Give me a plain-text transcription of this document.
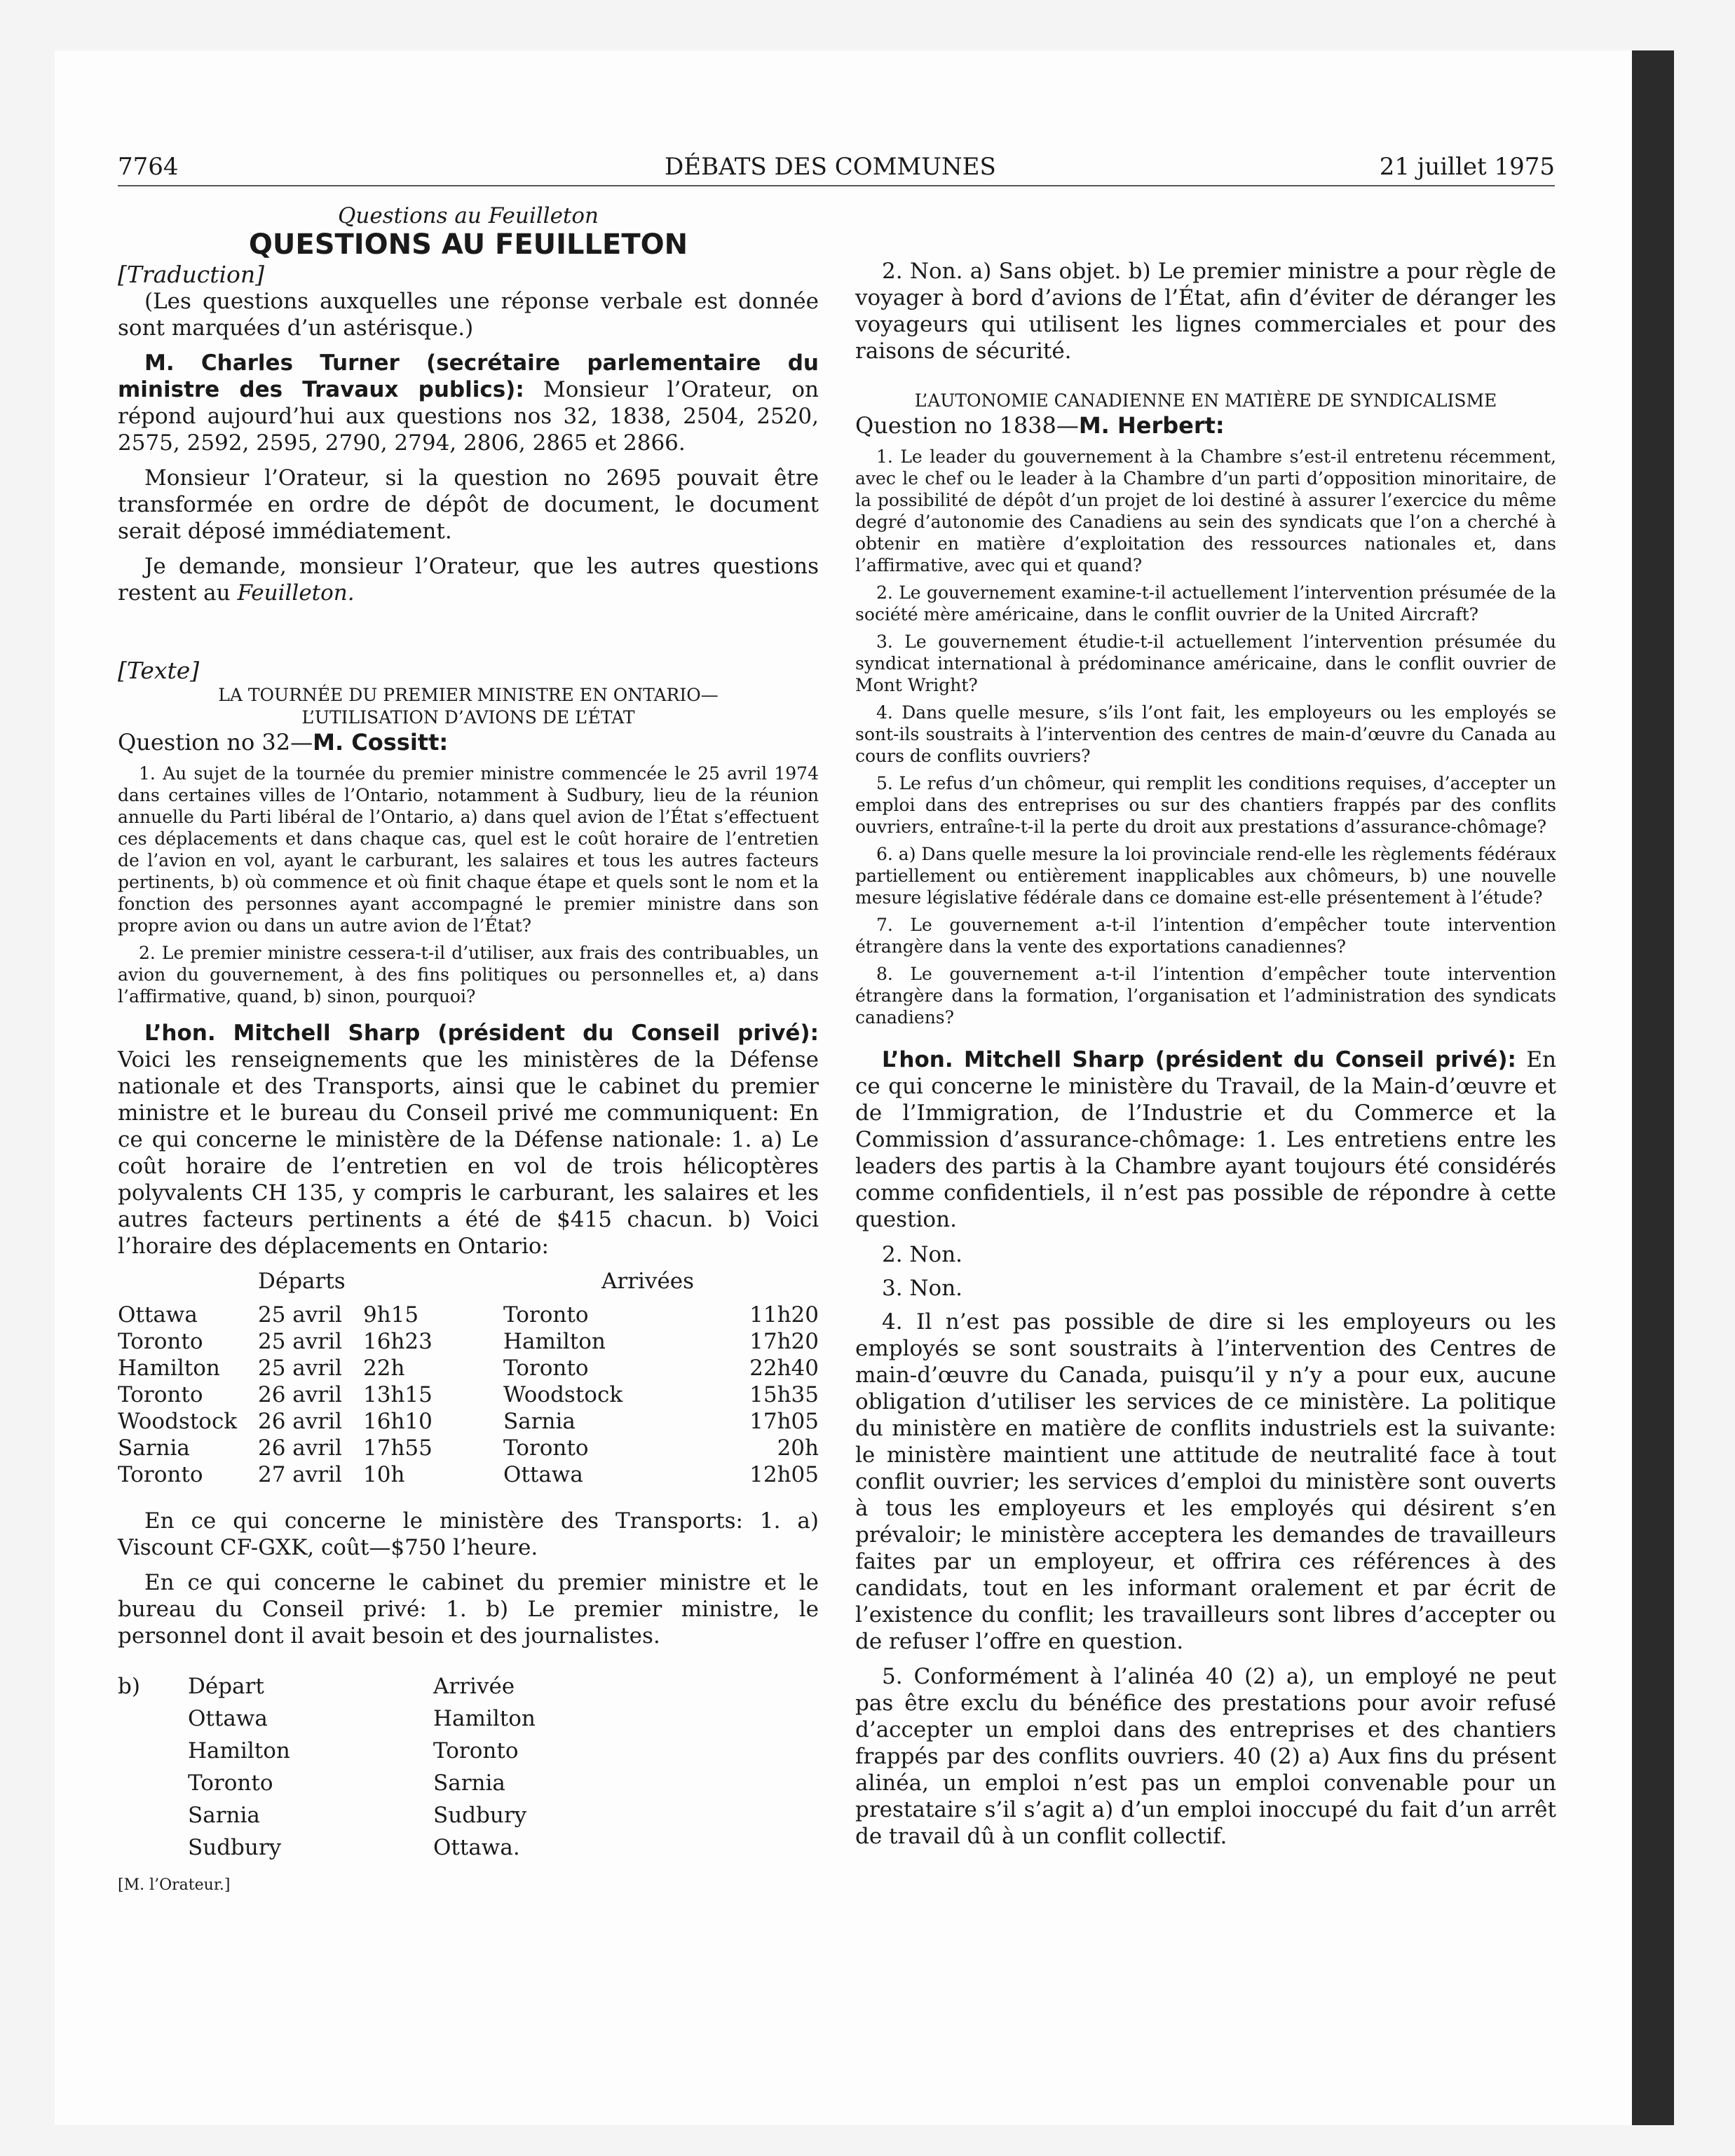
7764	DÉBATS DES COMMUNES	21 juillet 1975

Questions au Feuilleton

QUESTIONS AU FEUILLETON

[Traduction]

(Les questions auxquelles une réponse verbale est donnée sont marquées d’un astérisque.)

M. Charles Turner (secrétaire parlementaire du ministre des Travaux publics): Monsieur l’Orateur, on répond aujourd’hui aux questions nos 32, 1838, 2504, 2520, 2575, 2592, 2595, 2790, 2794, 2806, 2865 et 2866.

Monsieur l’Orateur, si la question no 2695 pouvait être transformée en ordre de dépôt de document, le document serait déposé immédiatement.

Je demande, monsieur l’Orateur, que les autres questions restent au Feuilleton.

[Texte]

LA TOURNÉE DU PREMIER MINISTRE EN ONTARIO—
L’UTILISATION D’AVIONS DE L’ÉTAT

Question no 32—M. Cossitt:

1. Au sujet de la tournée du premier ministre commencée le 25 avril 1974 dans certaines villes de l’Ontario, notamment à Sudbury, lieu de la réunion annuelle du Parti libéral de l’Ontario, a) dans quel avion de l’État s’effectuent ces déplacements et dans chaque cas, quel est le coût horaire de l’entretien de l’avion en vol, ayant le carburant, les salaires et tous les autres facteurs pertinents, b) où commence et où finit chaque étape et quels sont le nom et la fonction des personnes ayant accompagné le premier ministre dans son propre avion ou dans un autre avion de l’État?

2. Le premier ministre cessera-t-il d’utiliser, aux frais des contribuables, un avion du gouvernement, à des fins politiques ou personnelles et, a) dans l’affirmative, quand, b) sinon, pourquoi?

L’hon. Mitchell Sharp (président du Conseil privé): Voici les renseignements que les ministères de la Défense nationale et des Transports, ainsi que le cabinet du premier ministre et le bureau du Conseil privé me communiquent: En ce qui concerne le ministère de la Défense nationale: 1. a) Le coût horaire de l’entretien en vol de trois hélicoptères polyvalents CH 135, y compris le carburant, les salaires et les autres facteurs pertinents a été de $415 chacun. b) Voici l’horaire des déplacements en Ontario:

	Départs		Arrivées	

Ottawa	25 avril	9h15	Toronto	11h20
Toronto	25 avril	16h23	Hamilton	17h20
Hamilton	25 avril	22h	Toronto	22h40
Toronto	26 avril	13h15	Woodstock	15h35
Woodstock	26 avril	16h10	Sarnia	17h05
Sarnia	26 avril	17h55	Toronto	20h
Toronto	27 avril	10h	Ottawa	12h05

En ce qui concerne le ministère des Transports: 1. a) Viscount CF-GXK, coût—$750 l’heure.

En ce qui concerne le cabinet du premier ministre et le bureau du Conseil privé: 1. b) Le premier ministre, le personnel dont il avait besoin et des journalistes.

b)	Départ	Arrivée
	Ottawa	Hamilton
	Hamilton	Toronto
	Toronto	Sarnia
	Sarnia	Sudbury
	Sudbury	Ottawa.

[M. l’Orateur.]

2. Non. a) Sans objet. b) Le premier ministre a pour règle de voyager à bord d’avions de l’État, afin d’éviter de déranger les voyageurs qui utilisent les lignes commerciales et pour des raisons de sécurité.

L’AUTONOMIE CANADIENNE EN MATIÈRE DE SYNDICALISME

Question no 1838—M. Herbert:

1. Le leader du gouvernement à la Chambre s’est-il entretenu récemment, avec le chef ou le leader à la Chambre d’un parti d’opposition minoritaire, de la possibilité de dépôt d’un projet de loi destiné à assurer l’exercice du même degré d’autonomie des Canadiens au sein des syndicats que l’on a cherché à obtenir en matière d’exploitation des ressources nationales et, dans l’affirmative, avec qui et quand?

2. Le gouvernement examine-t-il actuellement l’intervention présumée de la société mère américaine, dans le conflit ouvrier de la United Aircraft?

3. Le gouvernement étudie-t-il actuellement l’intervention présumée du syndicat international à prédominance américaine, dans le conflit ouvrier de Mont Wright?

4. Dans quelle mesure, s’ils l’ont fait, les employeurs ou les employés se sont-ils soustraits à l’intervention des centres de main-d’œuvre du Canada au cours de conflits ouvriers?

5. Le refus d’un chômeur, qui remplit les conditions requises, d’accepter un emploi dans des entreprises ou sur des chantiers frappés par des conflits ouvriers, entraîne-t-il la perte du droit aux prestations d’assurance-chômage?

6. a) Dans quelle mesure la loi provinciale rend-elle les règlements fédéraux partiellement ou entièrement inapplicables aux chômeurs, b) une nouvelle mesure législative fédérale dans ce domaine est-elle présentement à l’étude?

7. Le gouvernement a-t-il l’intention d’empêcher toute intervention étrangère dans la vente des exportations canadiennes?

8. Le gouvernement a-t-il l’intention d’empêcher toute intervention étrangère dans la formation, l’organisation et l’administration des syndicats canadiens?

L’hon. Mitchell Sharp (président du Conseil privé): En ce qui concerne le ministère du Travail, de la Main-d’œuvre et de l’Immigration, de l’Industrie et du Commerce et la Commission d’assurance-chômage: 1. Les entretiens entre les leaders des partis à la Chambre ayant toujours été considérés comme confidentiels, il n’est pas possible de répondre à cette question.

2. Non.

3. Non.

4. Il n’est pas possible de dire si les employeurs ou les employés se sont soustraits à l’intervention des Centres de main-d’œuvre du Canada, puisqu’il y n’y a pour eux, aucune obligation d’utiliser les services de ce ministère. La politique du ministère en matière de conflits industriels est la suivante: le ministère maintient une attitude de neutralité face à tout conflit ouvrier; les services d’emploi du ministère sont ouverts à tous les employeurs et les employés qui désirent s’en prévaloir; le ministère acceptera les demandes de travailleurs faites par un employeur, et offrira ces références à des candidats, tout en les informant oralement et par écrit de l’existence du conflit; les travailleurs sont libres d’accepter ou de refuser l’offre en question.

5. Conformément à l’alinéa 40 (2) a), un employé ne peut pas être exclu du bénéfice des prestations pour avoir refusé d’accepter un emploi dans des entreprises et des chantiers frappés par des conflits ouvriers. 40 (2) a) Aux fins du présent alinéa, un emploi n’est pas un emploi convenable pour un prestataire s’il s’agit a) d’un emploi inoccupé du fait d’un arrêt de travail dû à un conflit collectif.
